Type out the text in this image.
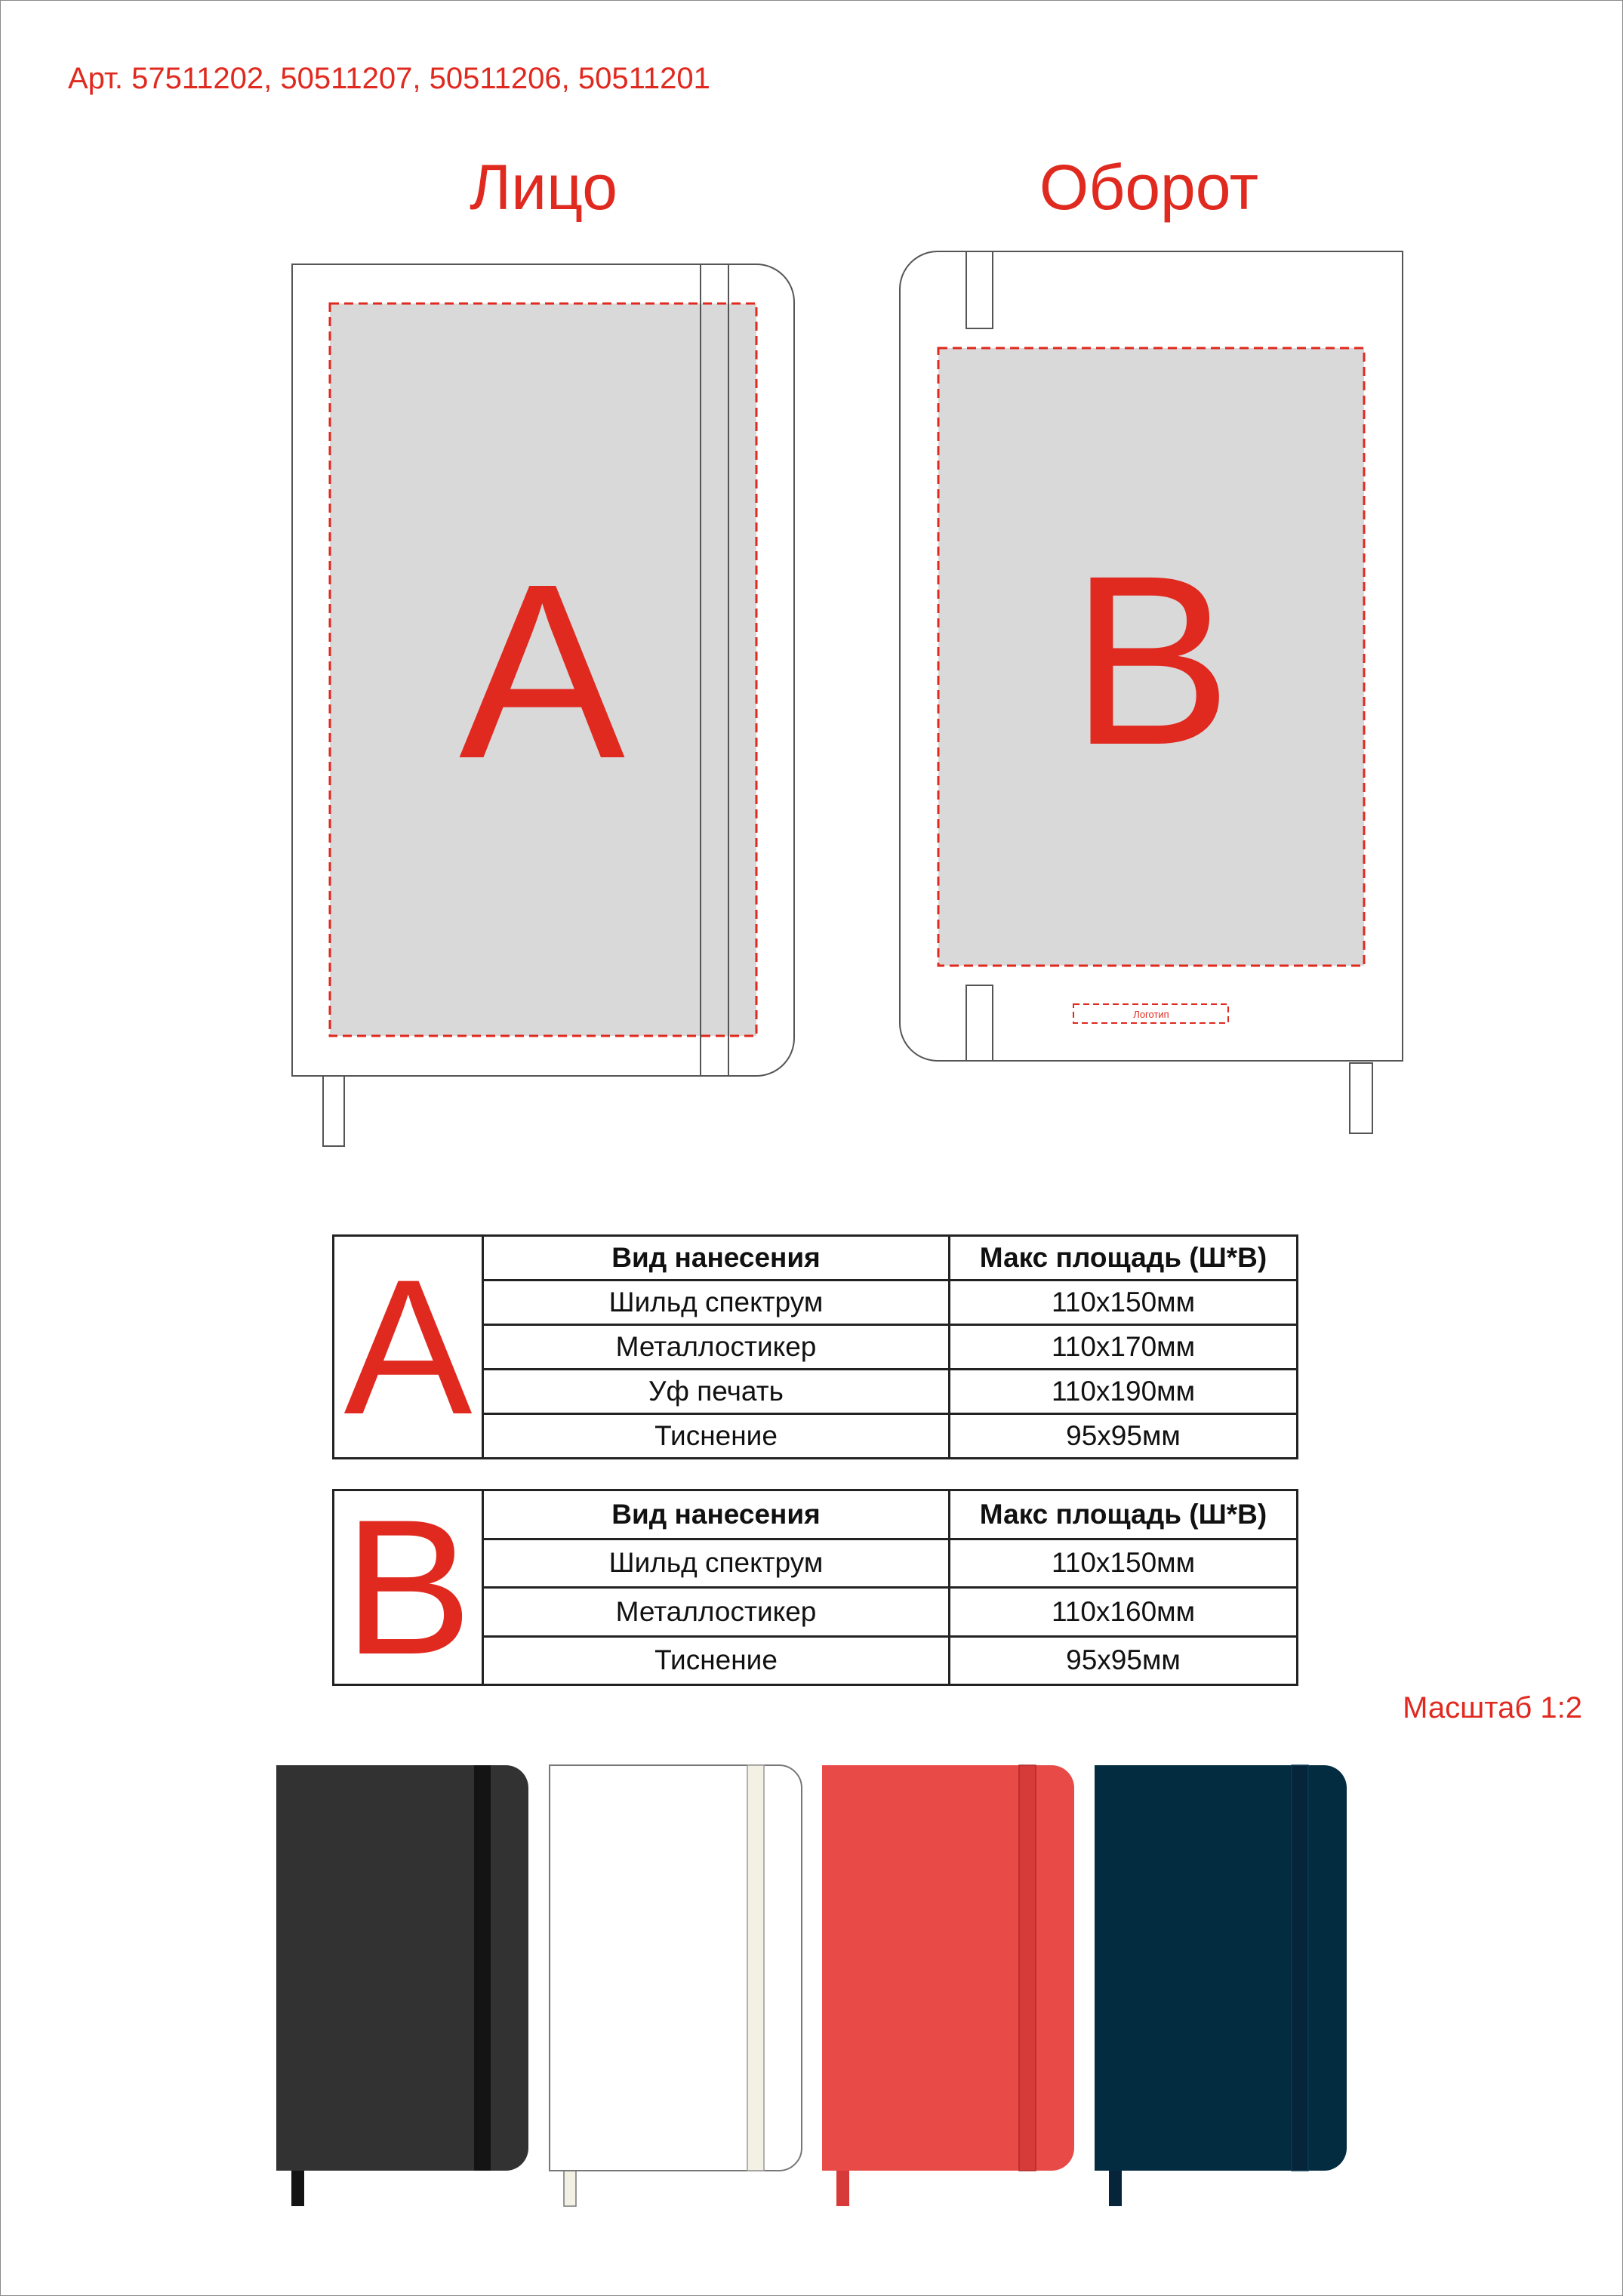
Арт. 57511202, 50511207, 50511206, 50511201
Лицо	Оборот
A B
Логотип
A	Вид нанесения	Макс площадь (Ш*В)
	Шильд спектрум	110х150мм
	Металлостикер	110х170мм
	Уф печать	110х190мм
	Тиснение	95х95мм
B	Вид нанесения	Макс площадь (Ш*В)
	Шильд спектрум	110х150мм
	Металлостикер	110х160мм
	Тиснение	95х95мм
Масштаб 1:2
